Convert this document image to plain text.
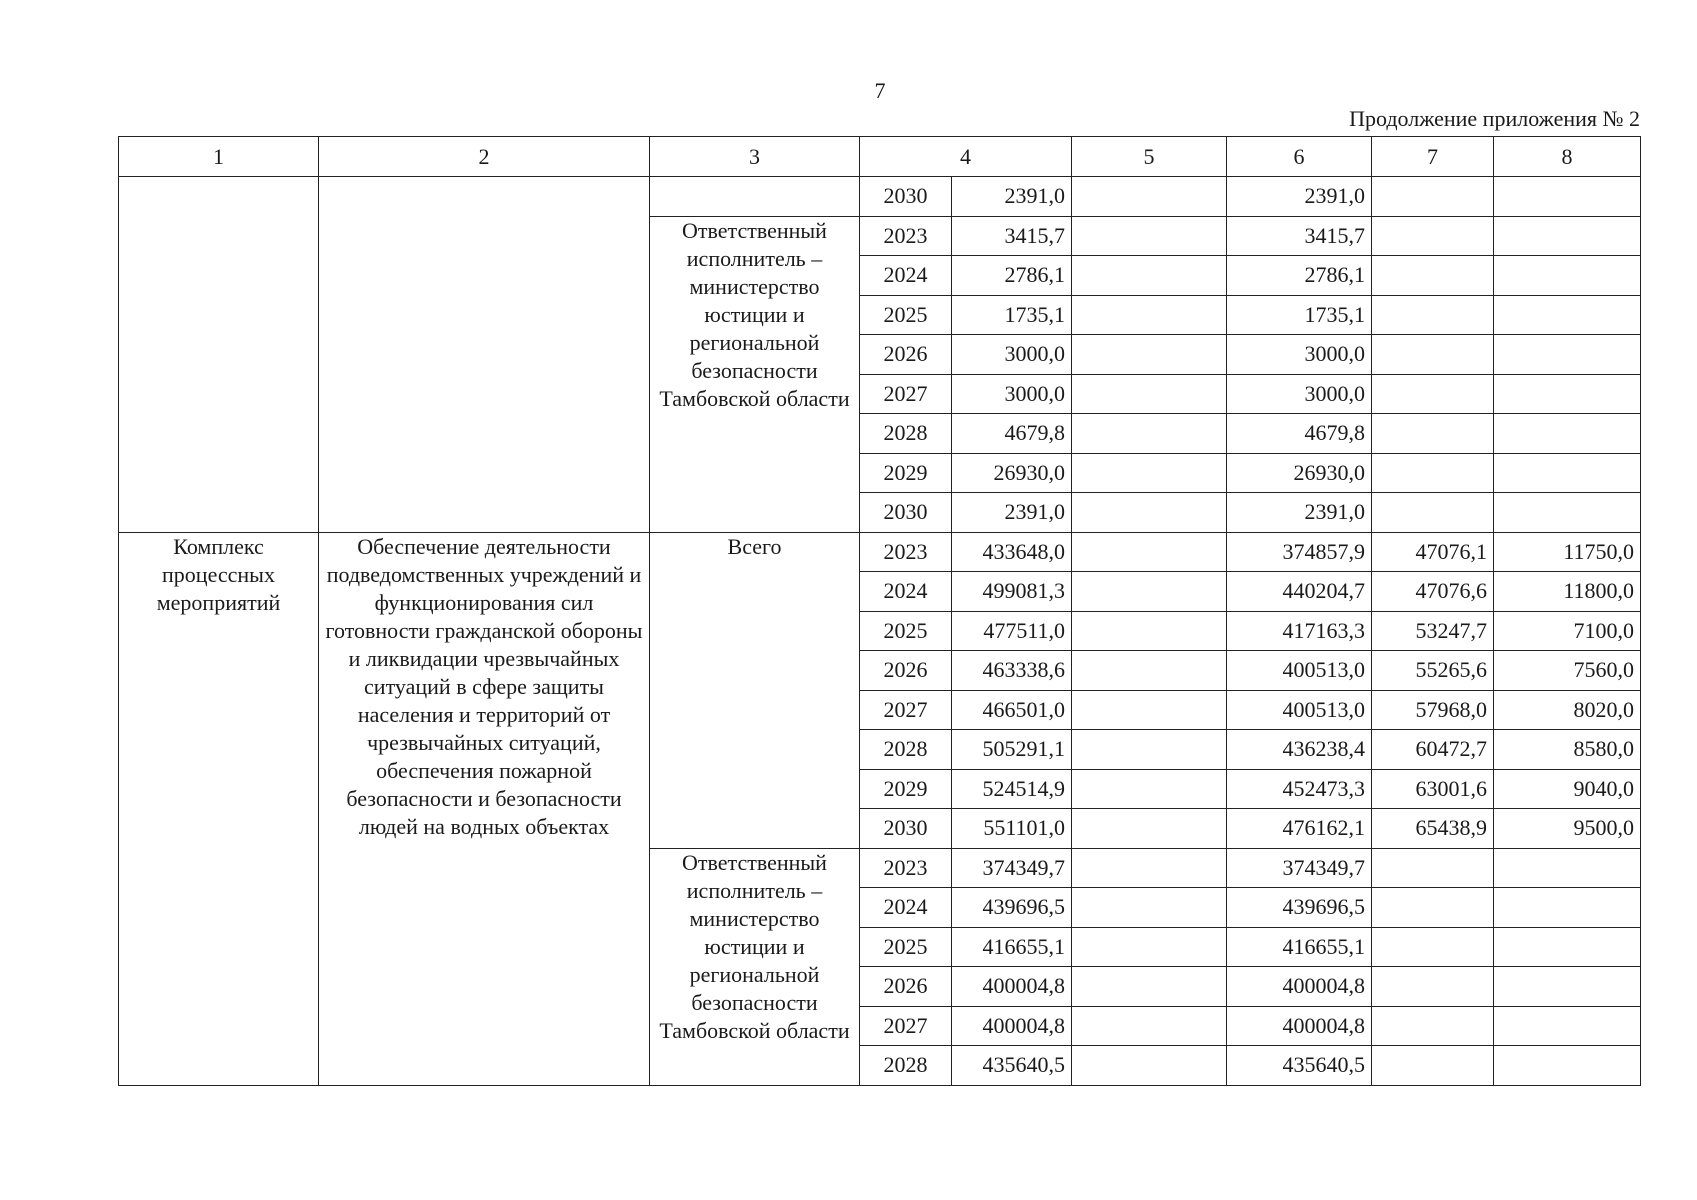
7
Продолжение приложения № 2
1	2	3	4		5	6	7	8
			2030	2391,0		2391,0		
		Ответственный исполнитель – министерство юстиции и региональной безопасности Тамбовской области	2023	3415,7		3415,7		
			2024	2786,1		2786,1		
			2025	1735,1		1735,1		
			2026	3000,0		3000,0		
			2027	3000,0		3000,0		
			2028	4679,8		4679,8		
			2029	26930,0		26930,0		
			2030	2391,0		2391,0		
Комплекс процессных мероприятий	Обеспечение деятельности подведомственных учреждений и функционирования сил готовности гражданской обороны и ликвидации чрезвычайных ситуаций в сфере защиты населения и территорий от чрезвычайных ситуаций, обеспечения пожарной безопасности и безопасности людей на водных объектах	Всего	2023	433648,0		374857,9	47076,1	11750,0
			2024	499081,3		440204,7	47076,6	11800,0
			2025	477511,0		417163,3	53247,7	7100,0
			2026	463338,6		400513,0	55265,6	7560,0
			2027	466501,0		400513,0	57968,0	8020,0
			2028	505291,1		436238,4	60472,7	8580,0
			2029	524514,9		452473,3	63001,6	9040,0
			2030	551101,0		476162,1	65438,9	9500,0
		Ответственный исполнитель – министерство юстиции и региональной безопасности Тамбовской области	2023	374349,7		374349,7		
			2024	439696,5		439696,5		
			2025	416655,1		416655,1		
			2026	400004,8		400004,8		
			2027	400004,8		400004,8		
			2028	435640,5		435640,5		
